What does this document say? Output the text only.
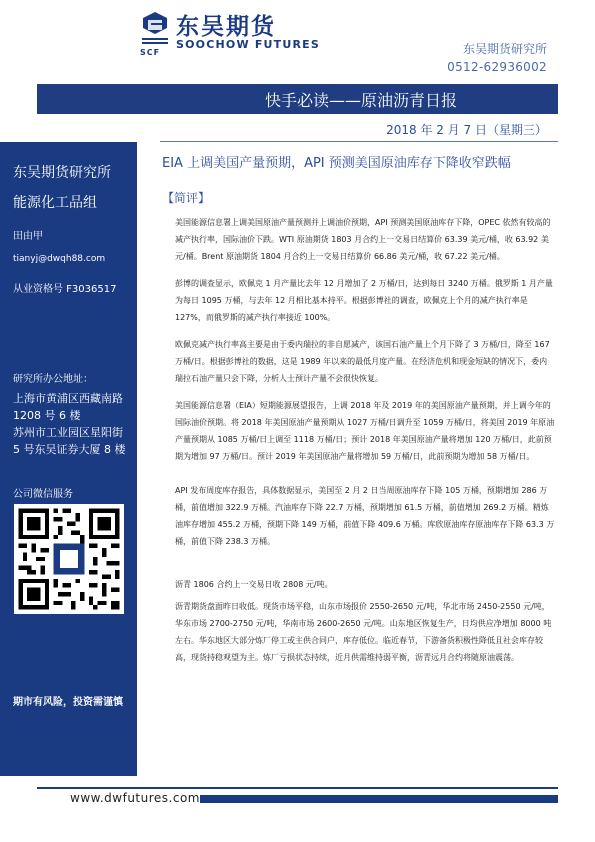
东吴期货
SOOCHOW FUTURES
SCF	东吴期货研究所
0512-62936002
快手必读——原油沥青日报
2018 年 2 月 7 日（星期三）
东吴期货研究所
能源化工品组
田由甲
tianyj@dwqh88.com
从业资格号 F3036517
研究所办公地址：
上海市黄浦区西藏南路
1208 号 6 楼
苏州市工业园区星阳街
5 号东吴证券大厦 8 楼
公司微信服务
期市有风险，投资需谨慎
EIA 上调美国产量预期，API 预测美国原油库存下降收窄跌幅
【简评】
美国能源信息署上调美国原油产量预测并上调油价预期，API 预测美国原油库存下降，OPEC 依然有较高的减产执行率，国际油价下跌。WTI 原油期货 1803 月合约上一交易日结算价 63.39 美元/桶，收 63.92 美元/桶。Brent 原油期货 1804 月合约上一交易日结算价 66.86 美元/桶，收 67.22 美元/桶。
彭博的调查显示，欧佩克 1 月产量比去年 12 月增加了 2 万桶/日，达到每日 3240 万桶。俄罗斯 1 月产量为每日 1095 万桶，与去年 12 月相比基本持平。根据彭博社的调查，欧佩克上个月的减产执行率是 127%，而俄罗斯的减产执行率接近 100%。
欧佩克减产执行率高主要是由于委内瑞拉的非自愿减产，该国石油产量上个月下降了 3 万桶/日，降至 167 万桶/日。根据彭博社的数据，这是 1989 年以来的最低月度产量。在经济危机和现金短缺的情况下，委内瑞拉石油产量只会下降，分析人士预计产量不会很快恢复。
美国能源信息署（EIA）短期能源展望报告，上调 2018 年及 2019 年的美国原油产量预期，并上调今年的国际油价预期。将 2018 年美国原油产量预期从 1027 万桶/日调升至 1059 万桶/日，将美国 2019 年原油产量预期从 1085 万桶/日上调至 1118 万桶/日；预计 2018 年美国原油产量将增加 120 万桶/日，此前预期为增加 97 万桶/日。预计 2019 年美国原油产量将增加 59 万桶/日，此前预期为增加 58 万桶/日。
API 发布周度库存报告，具体数据显示，美国至 2 月 2 日当周原油库存下降 105 万桶，预期增加 286 万桶，前值增加 322.9 万桶。汽油库存下降 22.7 万桶，预期增加 61.5 万桶，前值增加 269.2 万桶。精炼油库存增加 455.2 万桶，预期下降 149 万桶，前值下降 409.6 万桶。库欣原油库存原油库存下降 63.3 万桶，前值下降 238.3 万桶。
沥青 1806 合约上一交易日收 2808 元/吨。
沥青期货盘面昨日收低。现货市场平稳，山东市场报价 2550-2650 元/吨，华北市场 2450-2550 元/吨，华东市场 2700-2750 元/吨，华南市场 2600-2650 元/吨。山东地区恢复生产，日均供应净增加 8000 吨左右。华东地区大部分炼厂停工或主供合同户，库存低位。临近春节，下游备货积极性降低且社会库存较高，现货持稳观望为主。炼厂亏损状态持续，近月供需维持弱平衡，沥青远月合约将随原油震荡。
www.dwfutures.com
